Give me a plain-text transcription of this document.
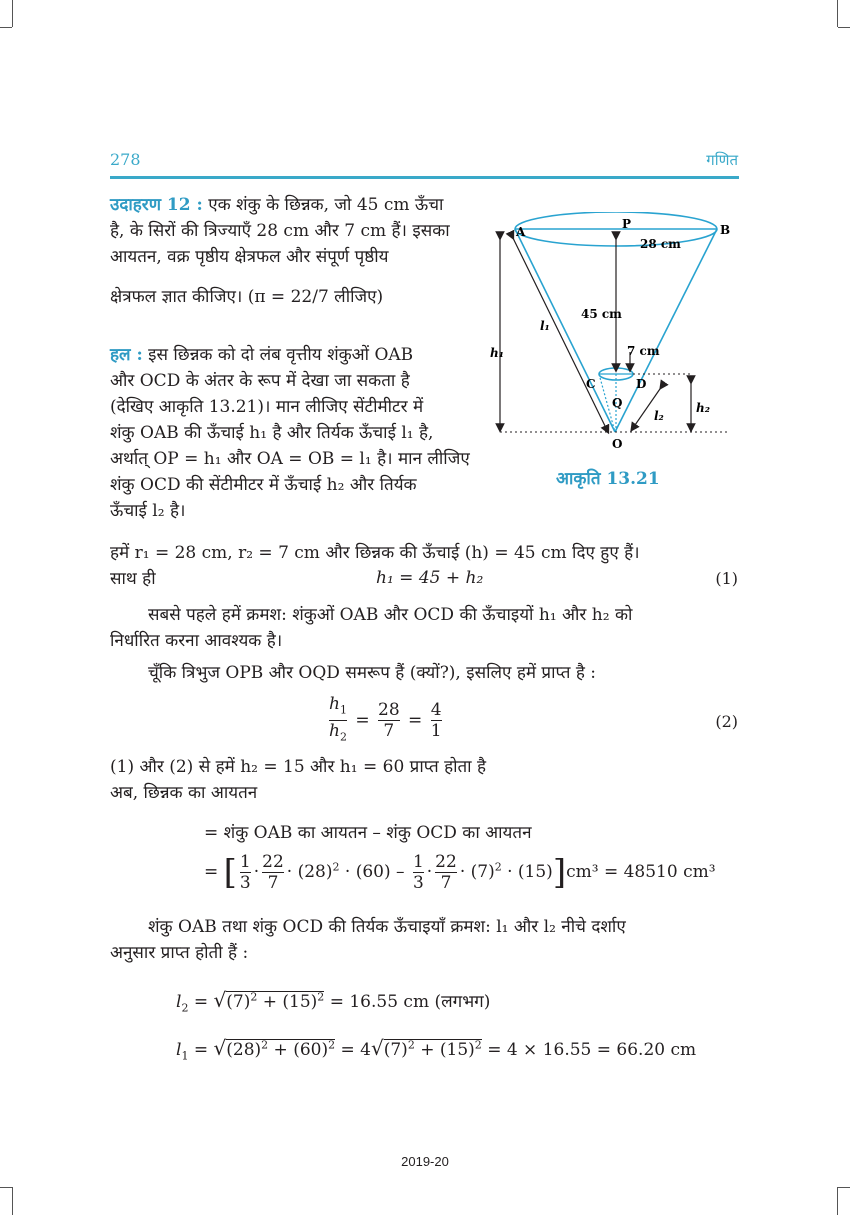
278	गणित
उदाहरण 12 : एक शंकु के छिन्नक, जो 45 cm ऊँचा
है, के सिरों की त्रिज्याएँ 28 cm और 7 cm हैं। इसका
आयतन, वक्र पृष्ठीय क्षेत्रफल और संपूर्ण पृष्ठीय
क्षेत्रफल ज्ञात कीजिए। (π = 22/7 लीजिए)
हल : इस छिन्नक को दो लंब वृत्तीय शंकुओं OAB
और OCD के अंतर के रूप में देखा जा सकता है
(देखिए आकृति 13.21)। मान लीजिए सेंटीमीटर में
शंकु OAB की ऊँचाई h₁ है और तिर्यक ऊँचाई l₁ है,
अर्थात् OP = h₁ और OA = OB = l₁ है। मान लीजिए
शंकु OCD की सेंटीमीटर में ऊँचाई h₂ और तिर्यक
ऊँचाई l₂ है।
A
P	B
28 cm
45 cm
l₁
h₁	7 cm
C	D
Q	h₂
l₂
O
आकृति 13.21
हमें r₁ = 28 cm, r₂ = 7 cm और छिन्नक की ऊँचाई (h) = 45 cm दिए हुए हैं।
साथ ही	h₁ = 45 + h₂	(1)
सबसे पहले हमें क्रमश: शंकुओं OAB और OCD की ऊँचाइयों h₁ और h₂ को
निर्धारित करना आवश्यक है।
चूँकि त्रिभुज OPB और OQD समरूप हैं (क्यों?), इसलिए हमें प्राप्त है :
$\frac{h_1}{h_2} = \frac{28}{7} = \frac{4}{1}$	(2)
(1) और (2) से हमें h₂ = 15 और h₁ = 60 प्राप्त होता है
अब, छिन्नक का आयतन
= शंकु OAB का आयतन – शंकु OCD का आयतन
= [ $\frac{1}{3} \cdot \frac{22}{7} \cdot (28)^2 \cdot (60) - \frac{1}{3} \cdot \frac{22}{7} \cdot (7)^2 \cdot (15)]cm^3 = 48510$ cm³
शंकु OAB तथा शंकु OCD की तिर्यक ऊँचाइयाँ क्रमश: l₁ और l₂ नीचे दर्शाए
अनुसार प्राप्त होती हैं :
$l_2 = √(7)^2 + (15)^2 = 16.55$ cm (लगभग)
$l_1 = √(28)^2 + (60)^2 = 4√(7)^2 + (15)^2 = 4 \times 16.55 = 66.20$ cm
2019-20
